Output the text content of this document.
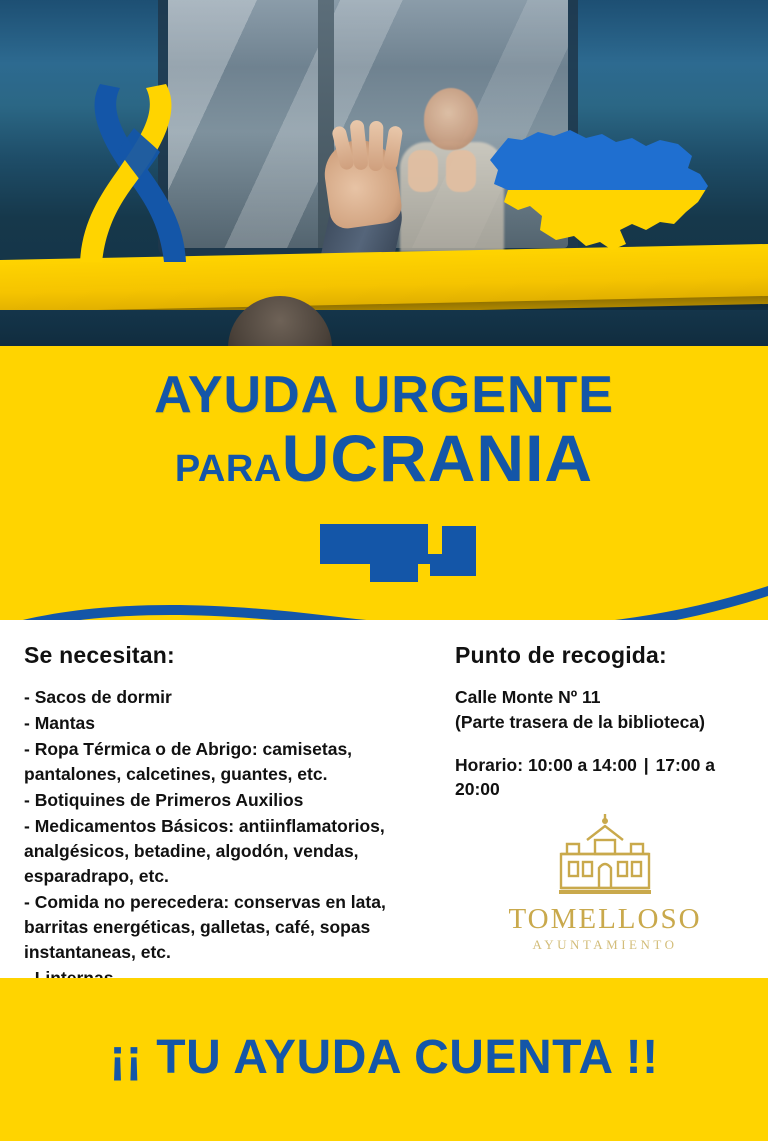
AYUDA URGENTE
PARAUCRANIA
Se necesitan:
- Sacos de dormir
- Mantas
- Ropa Térmica o de Abrigo: camisetas, pantalones, calcetines, guantes, etc.
- Botiquines de Primeros Auxilios
- Medicamentos Básicos: antiinflamatorios, analgésicos, betadine, algodón, vendas, esparadrapo, etc.
- Comida no perecedera: conservas en lata, barritas energéticas, galletas, café, sopas instantaneas, etc.
Punto de recogida:

Calle Monte Nº 11
(Parte trasera de la biblioteca)

Horario: 10:00 a 14:00 | 17:00 a 20:00

TOMELLOSO
AYUNTAMIENTO
¡¡ TU AYUDA CUENTA !!
